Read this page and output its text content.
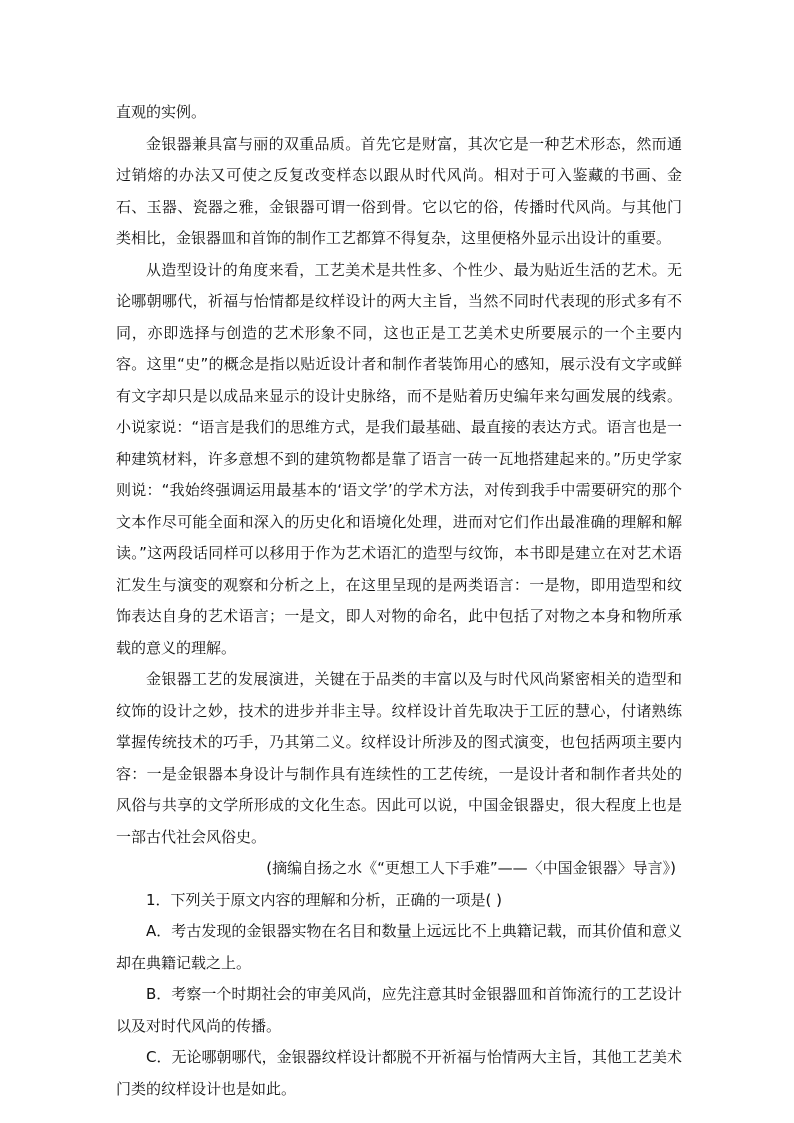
直观的实例。

金银器兼具富与丽的双重品质。首先它是财富，其次它是一种艺术形态，然而通过销熔的办法又可使之反复改变样态以跟从时代风尚。相对于可入鉴藏的书画、金石、玉器、瓷器之雅，金银器可谓一俗到骨。它以它的俗，传播时代风尚。与其他门类相比，金银器皿和首饰的制作工艺都算不得复杂，这里便格外显示出设计的重要。

从造型设计的角度来看，工艺美术是共性多、个性少、最为贴近生活的艺术。无论哪朝哪代，祈福与怡情都是纹样设计的两大主旨，当然不同时代表现的形式多有不同，亦即选择与创造的艺术形象不同，这也正是工艺美术史所要展示的一个主要内容。这里“史”的概念是指以贴近设计者和制作者装饰用心的感知，展示没有文字或鲜有文字却只是以成品来显示的设计史脉络，而不是贴着历史编年来勾画发展的线索。小说家说：“语言是我们的思维方式，是我们最基础、最直接的表达方式。语言也是一种建筑材料，许多意想不到的建筑物都是靠了语言一砖一瓦地搭建起来的。”历史学家则说：“我始终强调运用最基本的‘语文学’的学术方法，对传到我手中需要研究的那个文本作尽可能全面和深入的历史化和语境化处理，进而对它们作出最准确的理解和解读。”这两段话同样可以移用于作为艺术语汇的造型与纹饰，本书即是建立在对艺术语汇发生与演变的观察和分析之上，在这里呈现的是两类语言：一是物，即用造型和纹饰表达自身的艺术语言；一是文，即人对物的命名，此中包括了对物之本身和物所承载的意义的理解。

金银器工艺的发展演进，关键在于品类的丰富以及与时代风尚紧密相关的造型和纹饰的设计之妙，技术的进步并非主导。纹样设计首先取决于工匠的慧心，付诸熟练掌握传统技术的巧手，乃其第二义。纹样设计所涉及的图式演变，也包括两项主要内容：一是金银器本身设计与制作具有连续性的工艺传统，一是设计者和制作者共处的风俗与共享的文学所形成的文化生态。因此可以说，中国金银器史，很大程度上也是一部古代社会风俗史。

(摘编自扬之水《“更想工人下手难”——〈中国金银器〉导言》)

1．下列关于原文内容的理解和分析，正确的一项是( )

A．考古发现的金银器实物在名目和数量上远远比不上典籍记载，而其价值和意义却在典籍记载之上。

B．考察一个时期社会的审美风尚，应先注意其时金银器皿和首饰流行的工艺设计以及对时代风尚的传播。

C．无论哪朝哪代，金银器纹样设计都脱不开祈福与怡情两大主旨，其他工艺美术门类的纹样设计也是如此。
